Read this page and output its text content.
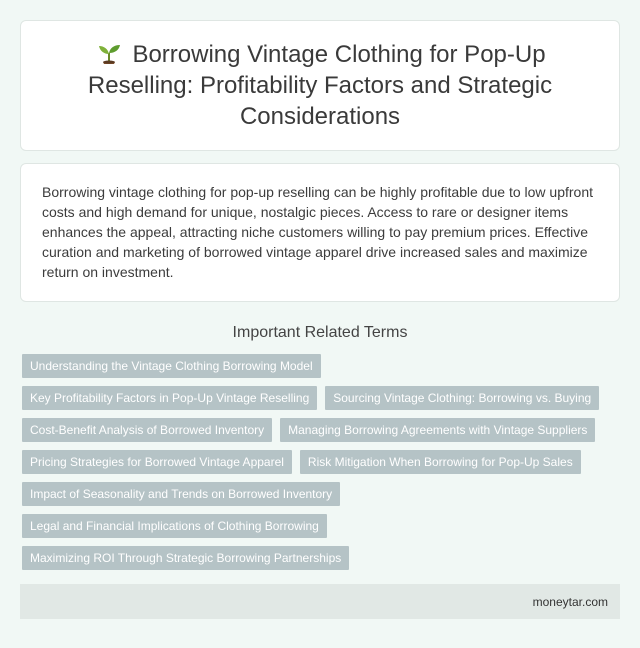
Borrowing Vintage Clothing for Pop-Up Reselling: Profitability Factors and Strategic Considerations

Borrowing vintage clothing for pop-up reselling can be highly profitable due to low upfront costs and high demand for unique, nostalgic pieces. Access to rare or designer items enhances the appeal, attracting niche customers willing to pay premium prices. Effective curation and marketing of borrowed vintage apparel drive increased sales and maximize return on investment.

Important Related Terms
Understanding the Vintage Clothing Borrowing Model
Key Profitability Factors in Pop-Up Vintage Reselling	Sourcing Vintage Clothing: Borrowing vs. Buying
Cost-Benefit Analysis of Borrowed Inventory	Managing Borrowing Agreements with Vintage Suppliers
Pricing Strategies for Borrowed Vintage Apparel	Risk Mitigation When Borrowing for Pop-Up Sales
Impact of Seasonality and Trends on Borrowed Inventory
Legal and Financial Implications of Clothing Borrowing
Maximizing ROI Through Strategic Borrowing Partnerships
moneytar.com
